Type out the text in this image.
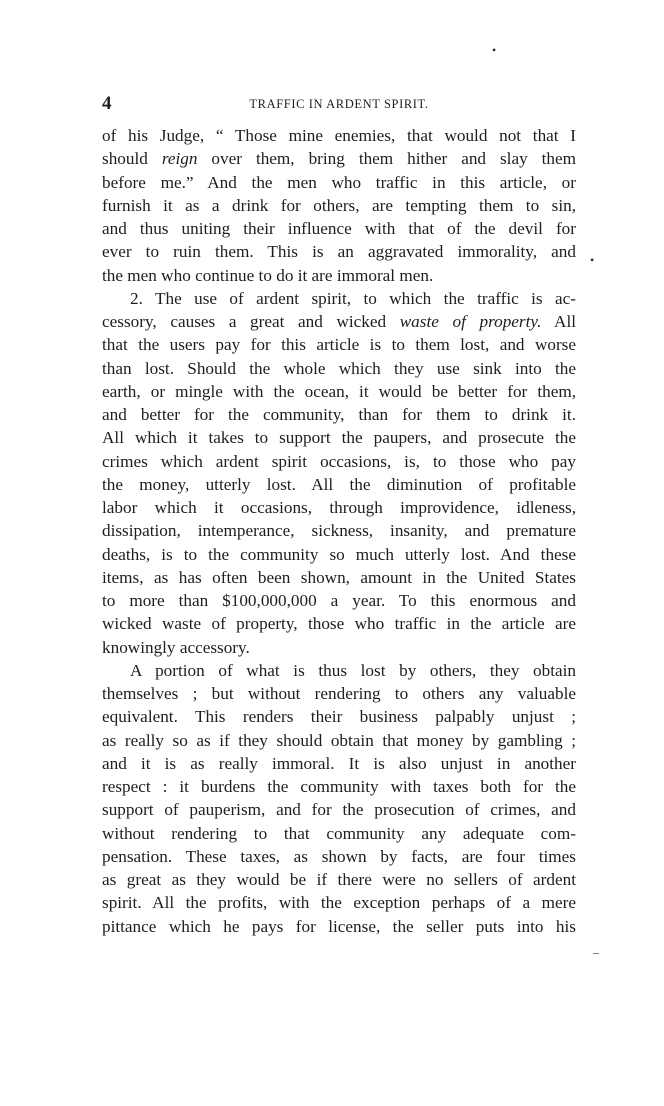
4	TRAFFIC IN ARDENT SPIRIT.
of his Judge, “ Those mine enemies, that would not that I
should reign over them, bring them hither and slay them
before me.” And the men who traffic in this article, or
furnish it as a drink for others, are tempting them to sin,
and thus uniting their influence with that of the devil for
ever to ruin them. This is an aggravated immorality, and
the men who continue to do it are immoral men.
2. The use of ardent spirit, to which the traffic is ac-
cessory, causes a great and wicked waste of property. All
that the users pay for this article is to them lost, and worse
than lost. Should the whole which they use sink into the
earth, or mingle with the ocean, it would be better for them,
and better for the community, than for them to drink it.
All which it takes to support the paupers, and prosecute the
crimes which ardent spirit occasions, is, to those who pay
the money, utterly lost. All the diminution of profitable
labor which it occasions, through improvidence, idleness,
dissipation, intemperance, sickness, insanity, and premature
deaths, is to the community so much utterly lost. And these
items, as has often been shown, amount in the United States
to more than $100,000,000 a year. To this enormous and
wicked waste of property, those who traffic in the article are
knowingly accessory.
A portion of what is thus lost by others, they obtain
themselves ; but without rendering to others any valuable
equivalent. This renders their business palpably unjust ;
as really so as if they should obtain that money by gambling ;
and it is as really immoral. It is also unjust in another
respect : it burdens the community with taxes both for the
support of pauperism, and for the prosecution of crimes, and
without rendering to that community any adequate com-
pensation. These taxes, as shown by facts, are four times
as great as they would be if there were no sellers of ardent
spirit. All the profits, with the exception perhaps of a mere
pittance which he pays for license, the seller puts into his
•
•
–
